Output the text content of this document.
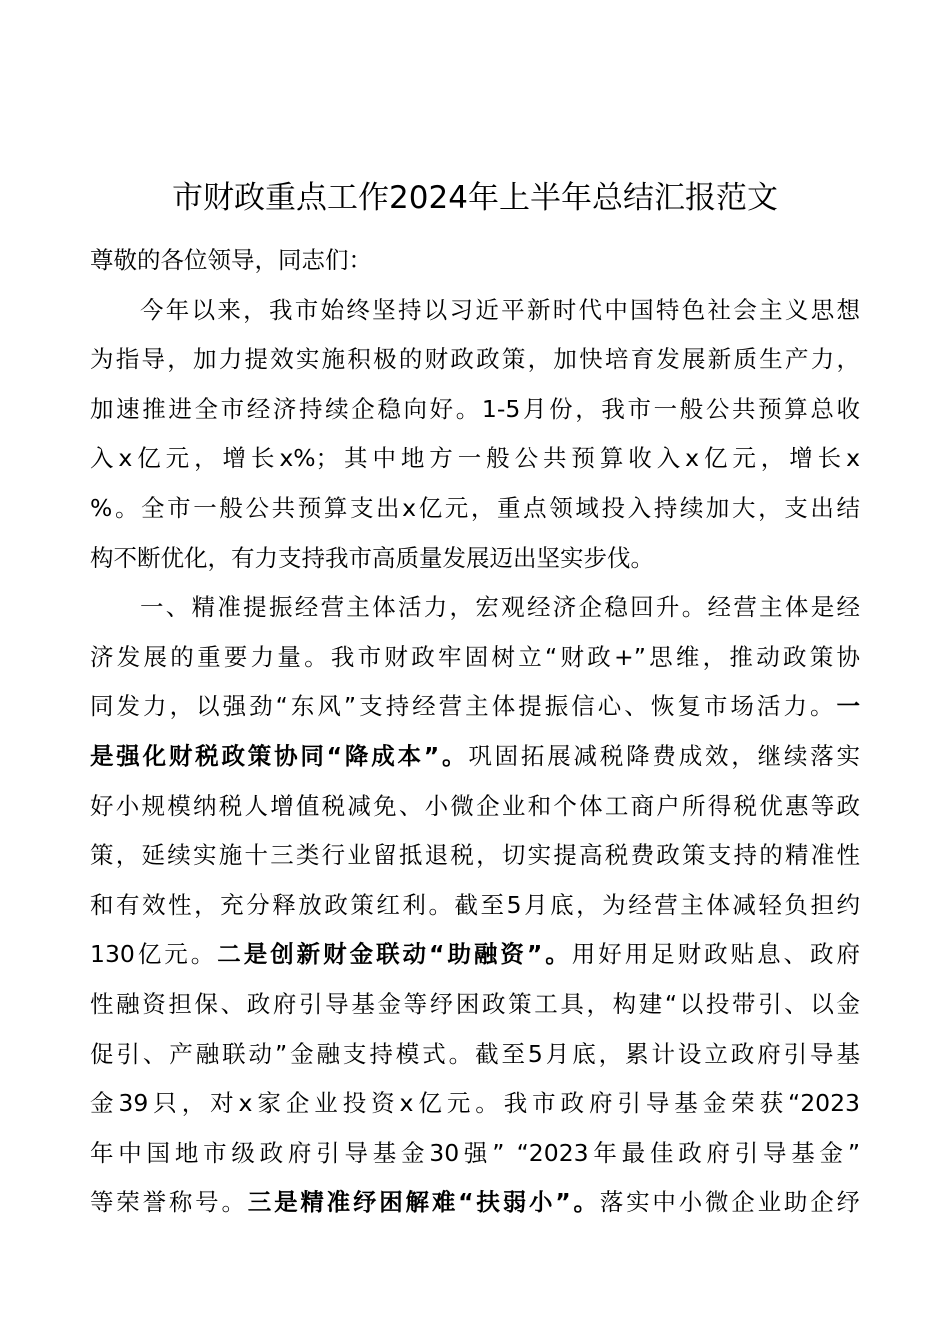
市财政重点工作2024年上半年总结汇报范文
尊敬的各位领导，同志们：
今年以来，我市始终坚持以习近平新时代中国特色社会主义思想
为指导，加力提效实施积极的财政政策，加快培育发展新质生产力，
加速推进全市经济持续企稳向好。1-5月份，我市一般公共预算总收
入x亿元，增长x%；其中地方一般公共预算收入x亿元，增长x
%。全市一般公共预算支出x亿元，重点领域投入持续加大，支出结
构不断优化，有力支持我市高质量发展迈出坚实步伐。
一、精准提振经营主体活力，宏观经济企稳回升。经营主体是经
济发展的重要力量。我市财政牢固树立“财政+”思维，推动政策协
同发力，以强劲“东风”支持经营主体提振信心、恢复市场活力。一
是强化财税政策协同“降成本”。巩固拓展减税降费成效，继续落实
好小规模纳税人增值税减免、小微企业和个体工商户所得税优惠等政
策，延续实施十三类行业留抵退税，切实提高税费政策支持的精准性
和有效性，充分释放政策红利。截至5月底，为经营主体减轻负担约
130亿元。二是创新财金联动“助融资”。用好用足财政贴息、政府
性融资担保、政府引导基金等纾困政策工具，构建“以投带引、以金
促引、产融联动”金融支持模式。截至5月底，累计设立政府引导基
金39只，对x家企业投资x亿元。我市政府引导基金荣获“2023
年中国地市级政府引导基金30强” “2023年最佳政府引导基金”
等荣誉称号。三是精准纾困解难“扶弱小”。落实中小微企业助企纾
